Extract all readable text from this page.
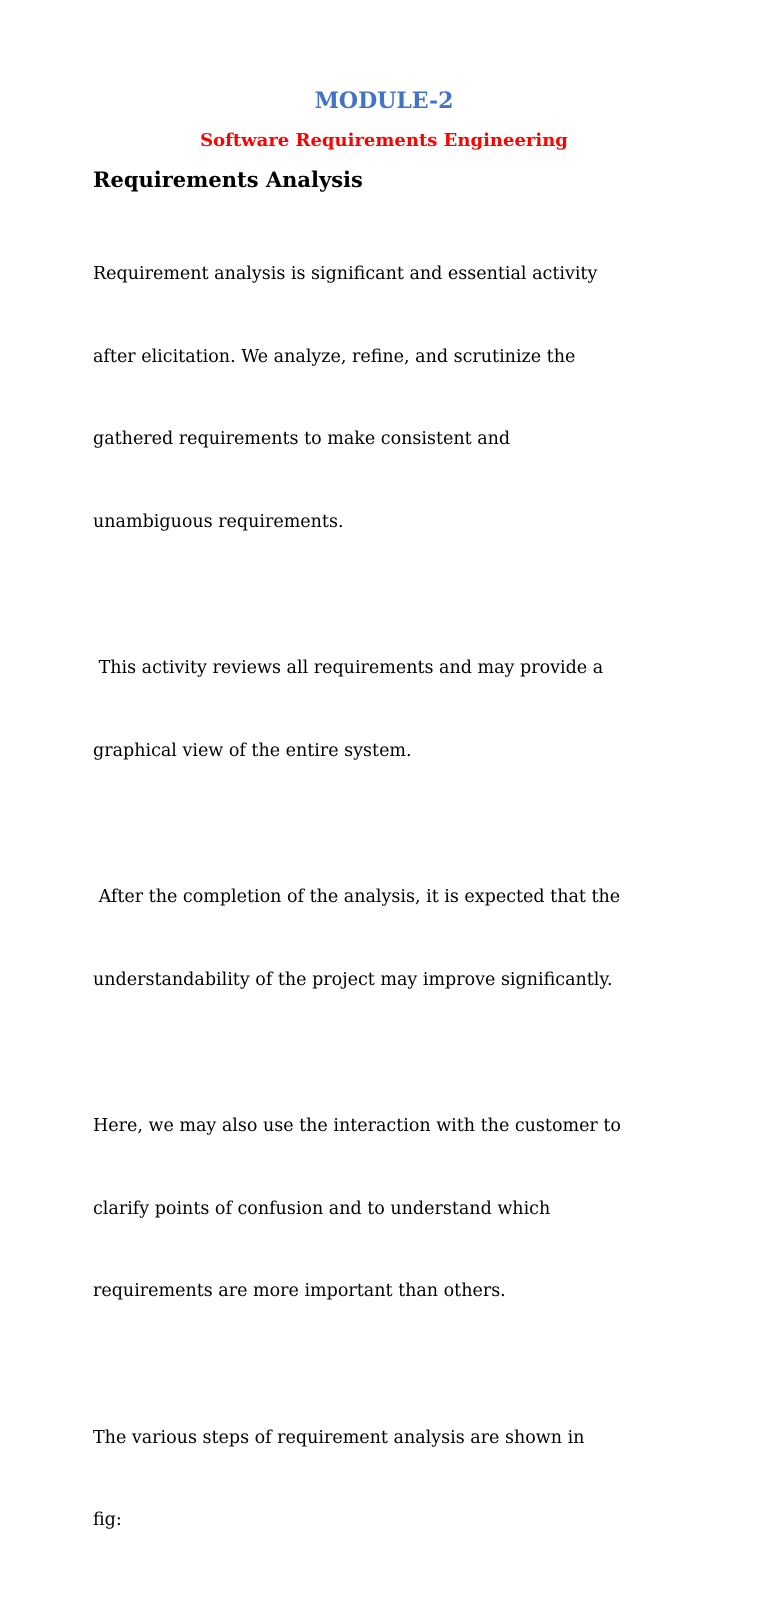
MODULE-2
Software Requirements Engineering
Requirements Analysis

Requirement analysis is significant and essential activity

after elicitation. We analyze, refine, and scrutinize the

gathered requirements to make consistent and

unambiguous requirements.

This activity reviews all requirements and may provide a

graphical view of the entire system.

After the completion of the analysis, it is expected that the

understandability of the project may improve significantly.

Here, we may also use the interaction with the customer to

clarify points of confusion and to understand which

requirements are more important than others.

The various steps of requirement analysis are shown in

fig:
